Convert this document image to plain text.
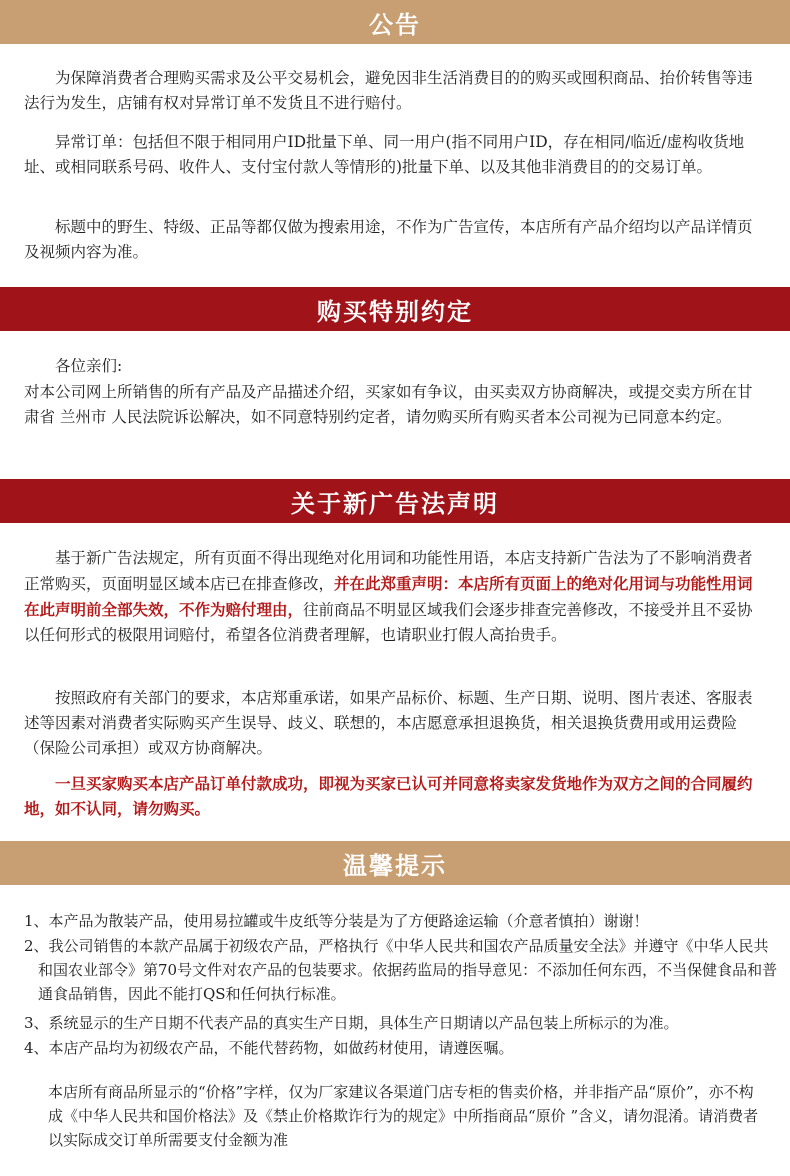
公告

为保障消费者合理购买需求及公平交易机会，避免因非生活消费目的的购买或囤积商品、抬价转售等违法行为发生，店铺有权对异常订单不发货且不进行赔付。

异常订单：包括但不限于相同用户ID批量下单、同一用户(指不同用户ID，存在相同/临近/虚构收货地址、或相同联系号码、收件人、支付宝付款人等情形的)批量下单、以及其他非消费目的的交易订单。

标题中的野生、特级、正品等都仅做为搜索用途，不作为广告宣传，本店所有产品介绍均以产品详情页及视频内容为准。

购买特别约定

各位亲们:

对本公司网上所销售的所有产品及产品描述介绍，买家如有争议，由买卖双方协商解决，或提交卖方所在甘肃省 兰州市 人民法院诉讼解决，如不同意特别约定者，请勿购买所有购买者本公司视为已同意本约定。

关于新广告法声明

基于新广告法规定，所有页面不得出现绝对化用词和功能性用语，本店支持新广告法为了不影响消费者正常购买，页面明显区域本店已在排查修改，并在此郑重声明：本店所有页面上的绝对化用词与功能性用词在此声明前全部失效，不作为赔付理由，往前商品不明显区域我们会逐步排查完善修改，不接受并且不妥协以任何形式的极限用词赔付，希望各位消费者理解，也请职业打假人高抬贵手。

按照政府有关部门的要求，本店郑重承诺，如果产品标价、标题、生产日期、说明、图片表述、客服表述等因素对消费者实际购买产生误导、歧义、联想的，本店愿意承担退换货，相关退换货费用或用运费险（保险公司承担）或双方协商解决。

一旦买家购买本店产品订单付款成功，即视为买家已认可并同意将卖家发货地作为双方之间的合同履约地，如不认同，请勿购买。

温馨提示

1、本产品为散装产品，使用易拉罐或牛皮纸等分装是为了方便路途运输（介意者慎拍）谢谢！

2、我公司销售的本款产品属于初级农产品，严格执行《中华人民共和国农产品质量安全法》并遵守《中华人民共和国农业部令》第70号文件对农产品的包装要求。依据药监局的指导意见：不添加任何东西，不当保健食品和普通食品销售，因此不能打QS和任何执行标准。

3、系统显示的生产日期不代表产品的真实生产日期，具体生产日期请以产品包装上所标示的为准。

4、本店产品均为初级农产品，不能代替药物，如做药材使用，请遵医嘱。

本店所有商品所显示的“价格”字样，仅为厂家建议各渠道门店专柜的售卖价格，并非指产品“原价”，亦不构成《中华人民共和国价格法》及《禁止价格欺诈行为的规定》中所指商品“原价 ”含义，请勿混淆。请消费者以实际成交订单所需要支付金额为准
